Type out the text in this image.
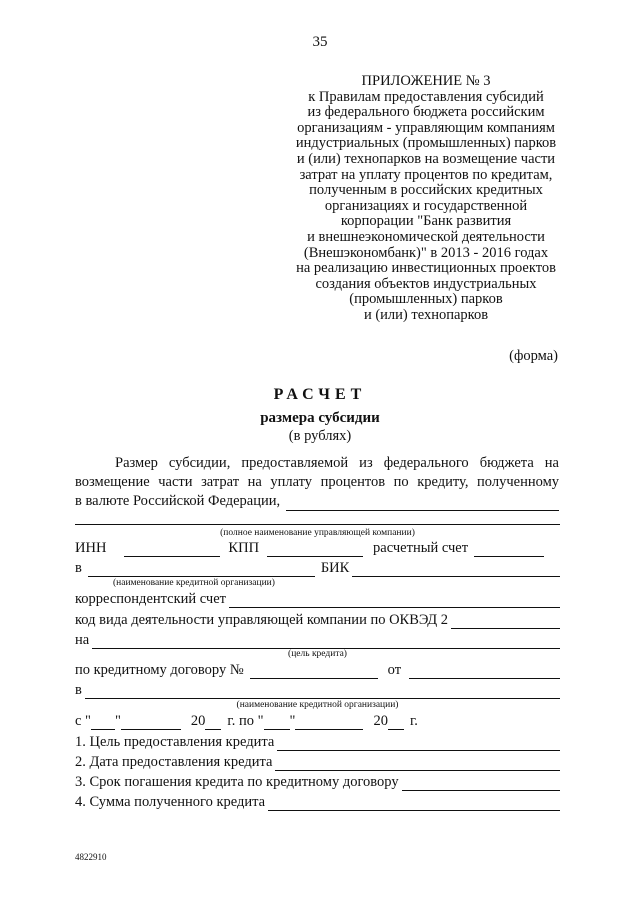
35
ПРИЛОЖЕНИЕ № 3
к Правилам предоставления субсидий
из федерального бюджета российским
организациям - управляющим компаниям
индустриальных (промышленных) парков
и (или) технопарков на возмещение части
затрат на уплату процентов по кредитам,
полученным в российских кредитных
организациях и государственной
корпорации "Банк развития
и внешнеэкономической деятельности
(Внешэкономбанк)" в 2013 - 2016 годах
на реализацию инвестиционных проектов
создания объектов индустриальных
(промышленных) парков
и (или) технопарков
(форма)
РАСЧЕТ
размера субсидии
(в рублях)
Размер субсидии, предоставляемой из федерального бюджета на
возмещение части затрат на уплату процентов по кредиту, полученному
в валюте Российской Федерации,
(полное наименование управляющей компании)
ИНН	КПП	расчетный счет
в	БИК
(наименование кредитной организации)
корреспондентский счет
код вида деятельности управляющей компании по ОКВЭД 2
на
(цель кредита)
по кредитному договору №	от
в
(наименование кредитной организации)
с " "	20 г. по " "	20 г.
1. Цель предоставления кредита
2. Дата предоставления кредита
3. Срок погашения кредита по кредитному договору
4. Сумма полученного кредита
4822910
